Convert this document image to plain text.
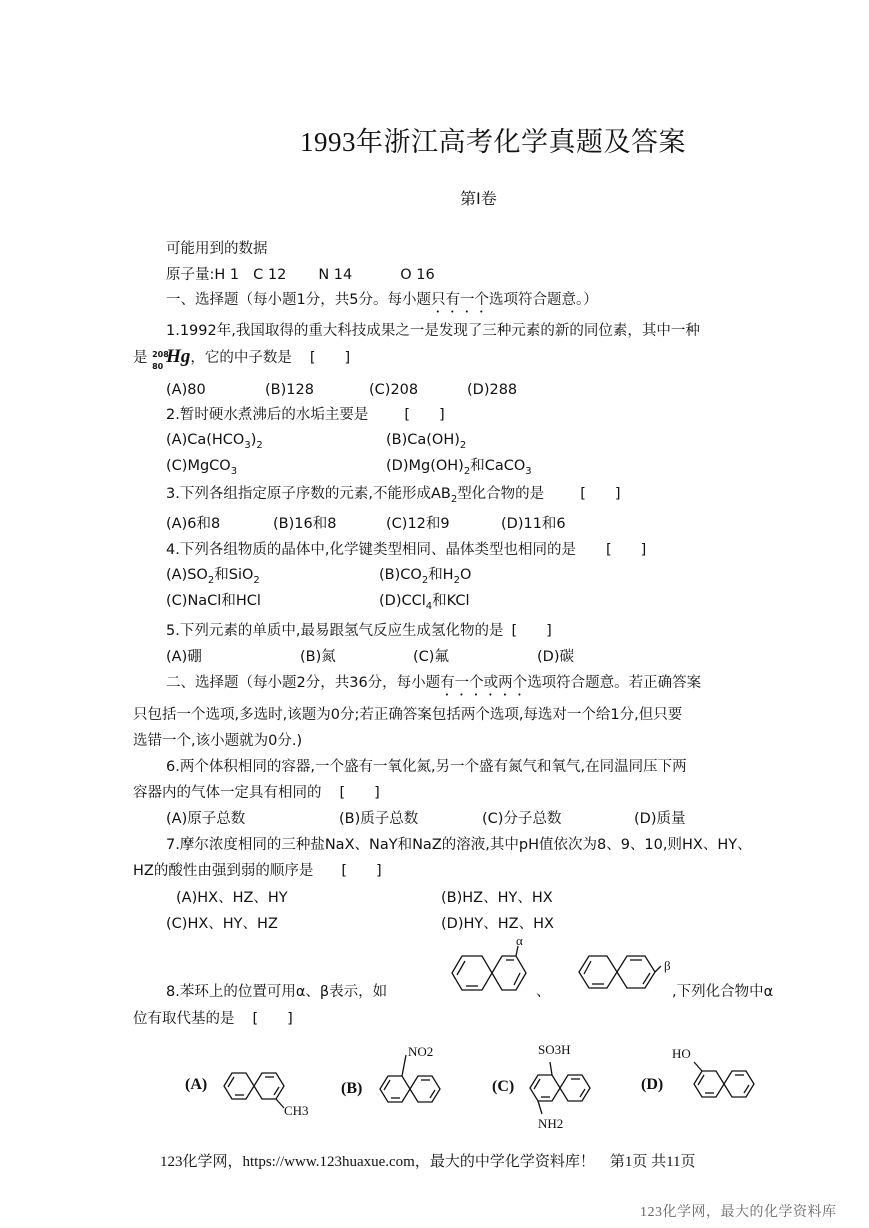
1993年浙江高考化学真题及答案
第Ⅰ卷
可能用到的数据
原子量:H 1 C 12 N 14	O 16
一、选择题（每小题1分，共5分。每小题只有一个选项符合题意。）
1.1992年,我国取得的重大科技成果之一是发现了三种元素的新的同位素，其中一种
是 208
80 Hg，它的中子数是 [　　]
(A)80	(B)128	(C)208	(D)288
2.暂时硬水煮沸后的水垢主要是 [　　]
$(A)Ca(HCO_3)_2$	$(B)Ca(OH)_2$
(C)MgCO$_3$	$(D)Mg(OH)_2$和CaCO$_3$
3.下列各组指定原子序数的元素,不能形成$AB_2$型化合物的是 [　　]
(A)6和8	(B)16和8	(C)12和9	(D)11和6
4.下列各组物质的晶体中,化学键类型相同、晶体类型也相同的是 [　　]
$(A)SO_2$和SiO$_2$	$(B)CO_2$和$H_2O$
(C)NaCl和HCl	(D)CCl$_4$和KCl
5.下列元素的单质中,最易跟氢气反应生成氢化物的是 [　　]
(A)硼	(B)氮	(C)氟	(D)碳
二、选择题（每小题2分，共36分，每小题有一个或两个选项符合题意。若正确答案
只包括一个选项,多选时,该题为0分;若正确答案包括两个选项,每选对一个给1分,但只要
选错一个,该小题就为0分.)
6.两个体积相同的容器,一个盛有一氧化氮,另一个盛有氮气和氧气,在同温同压下两
容器内的气体一定具有相同的 [　　]
(A)原子总数	(B)质子总数	(C)分子总数	(D)质量
7.摩尔浓度相同的三种盐NaX、NaY和NaZ的溶液,其中pH值依次为8、9、10,则HX、HY、
HZ的酸性由强到弱的顺序是 [　　]
(A)HX、HZ、HY	(B)HZ、HY、HX
(C)HX、HY、HZ	(D)HY、HZ、HX
8.苯环上的位置可用α、β表示，如	、	,下列化合物中α
位有取代基的是 [　　]
α
β
(A)
CH3
(B)
NO2
(C)
SO3H
NH2
(D)
HO
123化学网，https://www.123huaxue.com，最大的中学化学资料库！　第1页 共11页
123化学网，最大的化学资料库
